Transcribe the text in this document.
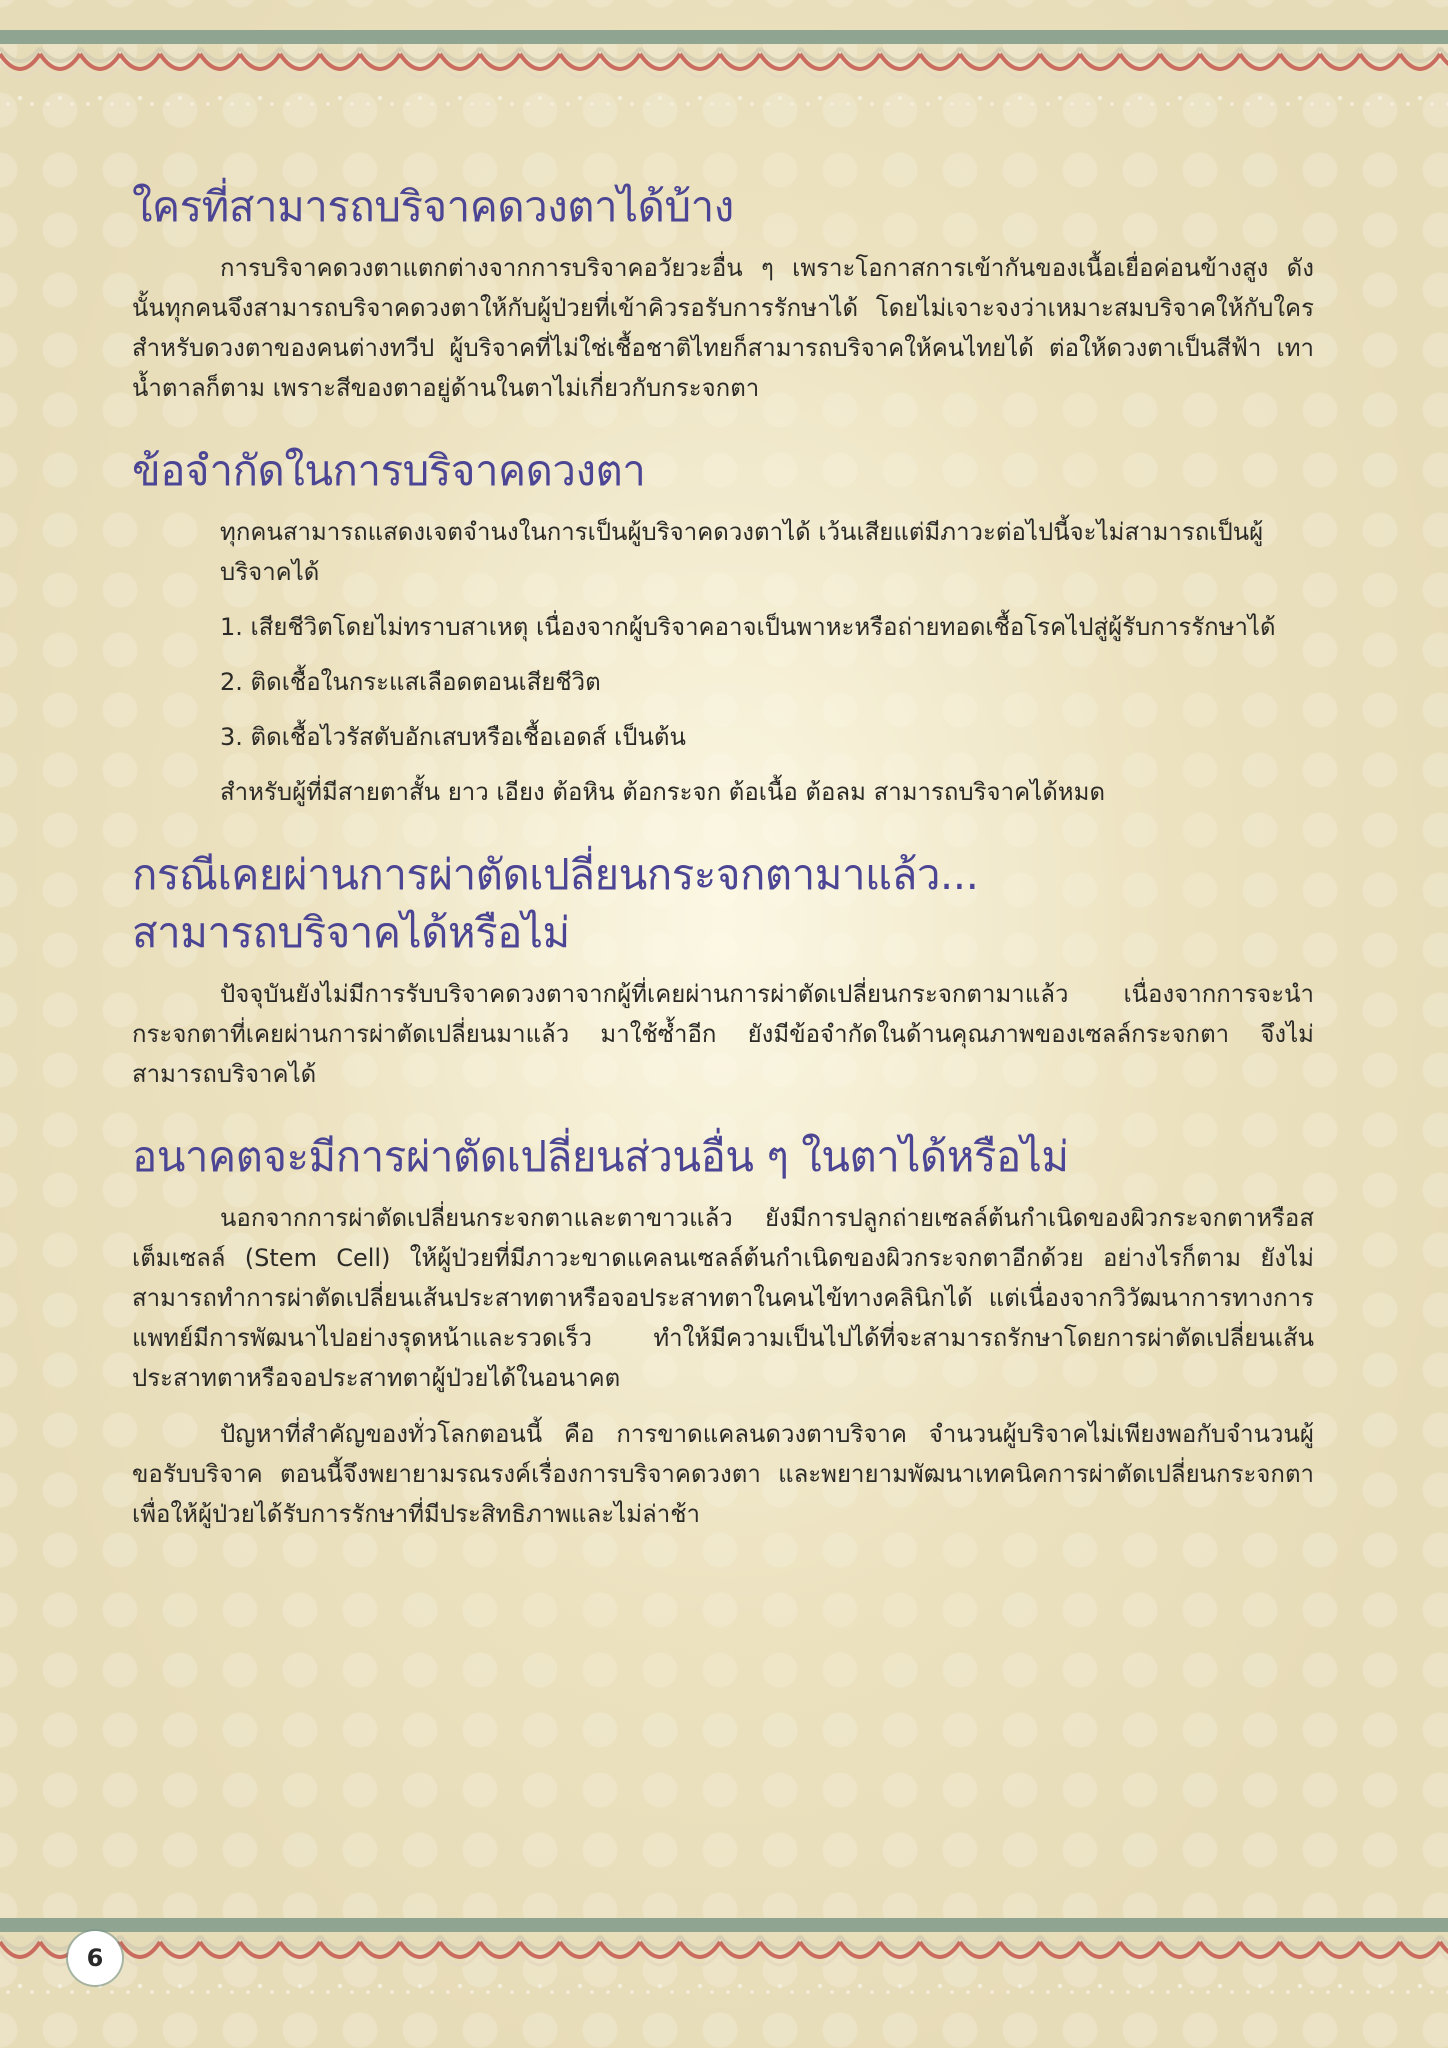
ใครที่สามารถบริจาคดวงตาได้บ้าง

การบริจาคดวงตาแตกต่างจากการบริจาคอวัยวะอื่น ๆ เพราะโอกาสการเข้ากันของเนื้อเยื่อค่อนข้างสูง ดังนั้นทุกคนจึงสามารถบริจาคดวงตาให้กับผู้ป่วยที่เข้าคิวรอรับการรักษาได้ โดยไม่เจาะจงว่าเหมาะสมบริจาคให้กับใคร สำหรับดวงตาของคนต่างทวีป ผู้บริจาคที่ไม่ใช่เชื้อชาติไทยก็สามารถบริจาคให้คนไทยได้ ต่อให้ดวงตาเป็นสีฟ้า เทา น้ำตาลก็ตาม เพราะสีของตาอยู่ด้านในตาไม่เกี่ยวกับกระจกตา

ข้อจำกัดในการบริจาคดวงตา

ทุกคนสามารถแสดงเจตจำนงในการเป็นผู้บริจาคดวงตาได้ เว้นเสียแต่มีภาวะต่อไปนี้จะไม่สามารถเป็นผู้บริจาคได้

1. เสียชีวิตโดยไม่ทราบสาเหตุ เนื่องจากผู้บริจาคอาจเป็นพาหะหรือถ่ายทอดเชื้อโรคไปสู่ผู้รับการรักษาได้

2. ติดเชื้อในกระแสเลือดตอนเสียชีวิต

3. ติดเชื้อไวรัสตับอักเสบหรือเชื้อเอดส์ เป็นต้น

สำหรับผู้ที่มีสายตาสั้น ยาว เอียง ต้อหิน ต้อกระจก ต้อเนื้อ ต้อลม สามารถบริจาคได้หมด

กรณีเคยผ่านการผ่าตัดเปลี่ยนกระจกตามาแล้ว...
สามารถบริจาคได้หรือไม่

ปัจจุบันยังไม่มีการรับบริจาคดวงตาจากผู้ที่เคยผ่านการผ่าตัดเปลี่ยนกระจกตามาแล้ว เนื่องจากการจะนำกระจกตาที่เคยผ่านการผ่าตัดเปลี่ยนมาแล้ว มาใช้ซ้ำอีก ยังมีข้อจำกัดในด้านคุณภาพของเซลล์กระจกตา จึงไม่สามารถบริจาคได้

อนาคตจะมีการผ่าตัดเปลี่ยนส่วนอื่น ๆ ในตาได้หรือไม่

นอกจากการผ่าตัดเปลี่ยนกระจกตาและตาขาวแล้ว ยังมีการปลูกถ่ายเซลล์ต้นกำเนิดของผิวกระจกตาหรือสเต็มเซลล์ (Stem Cell) ให้ผู้ป่วยที่มีภาวะขาดแคลนเซลล์ต้นกำเนิดของผิวกระจกตาอีกด้วย อย่างไรก็ตาม ยังไม่สามารถทำการผ่าตัดเปลี่ยนเส้นประสาทตาหรือจอประสาทตาในคนไข้ทางคลินิกได้ แต่เนื่องจากวิวัฒนาการทางการแพทย์มีการพัฒนาไปอย่างรุดหน้าและรวดเร็ว ทำให้มีความเป็นไปได้ที่จะสามารถรักษาโดยการผ่าตัดเปลี่ยนเส้นประสาทตาหรือจอประสาทตาผู้ป่วยได้ในอนาคต

ปัญหาที่สำคัญของทั่วโลกตอนนี้ คือ การขาดแคลนดวงตาบริจาค จำนวนผู้บริจาคไม่เพียงพอกับจำนวนผู้ขอรับบริจาค ตอนนี้จึงพยายามรณรงค์เรื่องการบริจาคดวงตา และพยายามพัฒนาเทคนิคการผ่าตัดเปลี่ยนกระจกตา เพื่อให้ผู้ป่วยได้รับการรักษาที่มีประสิทธิภาพและไม่ล่าช้า

6
